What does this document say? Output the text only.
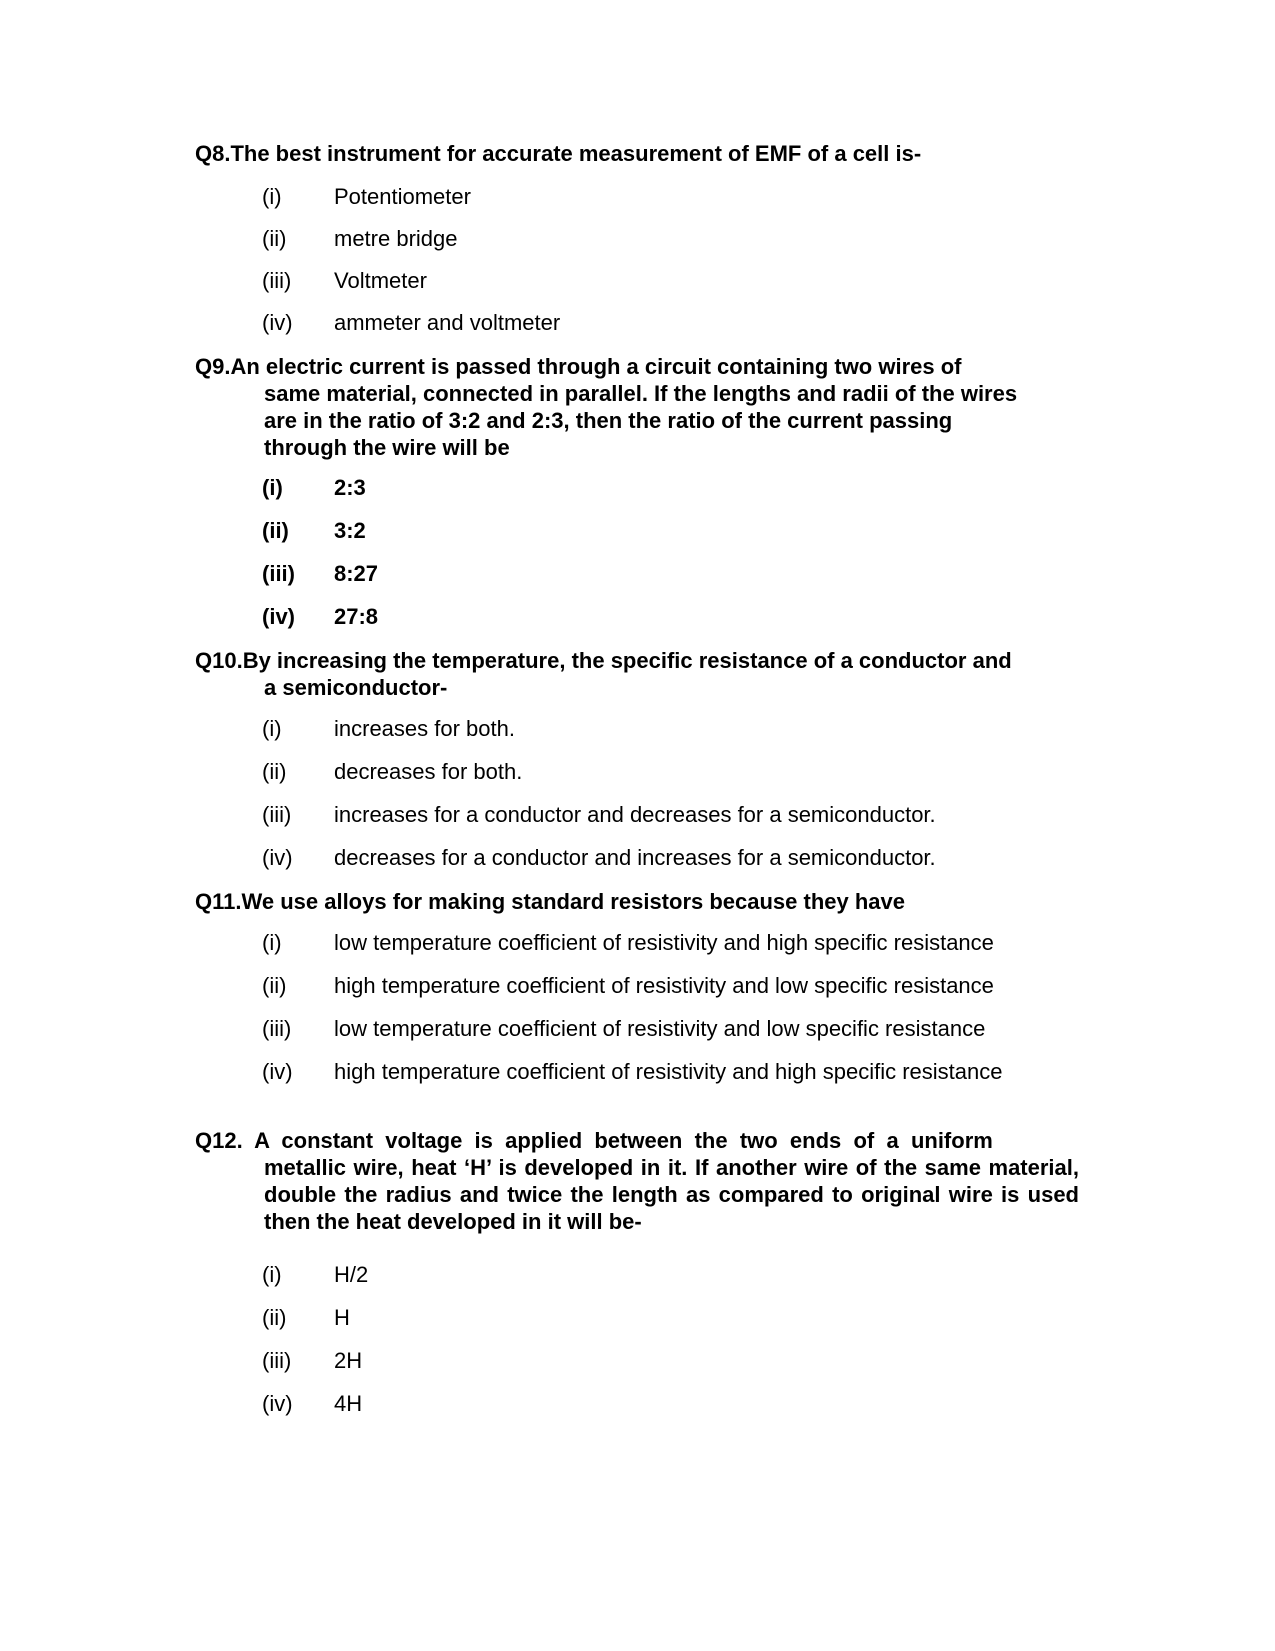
Q8.The best instrument for accurate measurement of EMF of a cell is-
(i) Potentiometer
(ii) metre bridge
(iii) Voltmeter
(iv) ammeter and voltmeter
Q9.An electric current is passed through a circuit containing two wires of
same material, connected in parallel. If the lengths and radii of the wires
are in the ratio of 3:2 and 2:3, then the ratio of the current passing
through the wire will be
(i) 2:3
(ii) 3:2
(iii) 8:27
(iv) 27:8
Q10.By increasing the temperature, the specific resistance of a conductor and
a semiconductor-
(i) increases for both.
(ii) decreases for both.
(iii) increases for a conductor and decreases for a semiconductor.
(iv) decreases for a conductor and increases for a semiconductor.
Q11.We use alloys for making standard resistors because they have
(i) low temperature coefficient of resistivity and high specific resistance
(ii) high temperature coefficient of resistivity and low specific resistance
(iii) low temperature coefficient of resistivity and low specific resistance
(iv) high temperature coefficient of resistivity and high specific resistance
Q12.  A  constant  voltage  is  applied  between  the  two  ends  of  a  uniform
metallic wire, heat ‘H’ is developed in it. If another wire of the same material, double the radius and twice the length as compared to original wire is used then the heat developed in it will be-
(i) H/2
(ii) H
(iii) 2H
(iv) 4H
